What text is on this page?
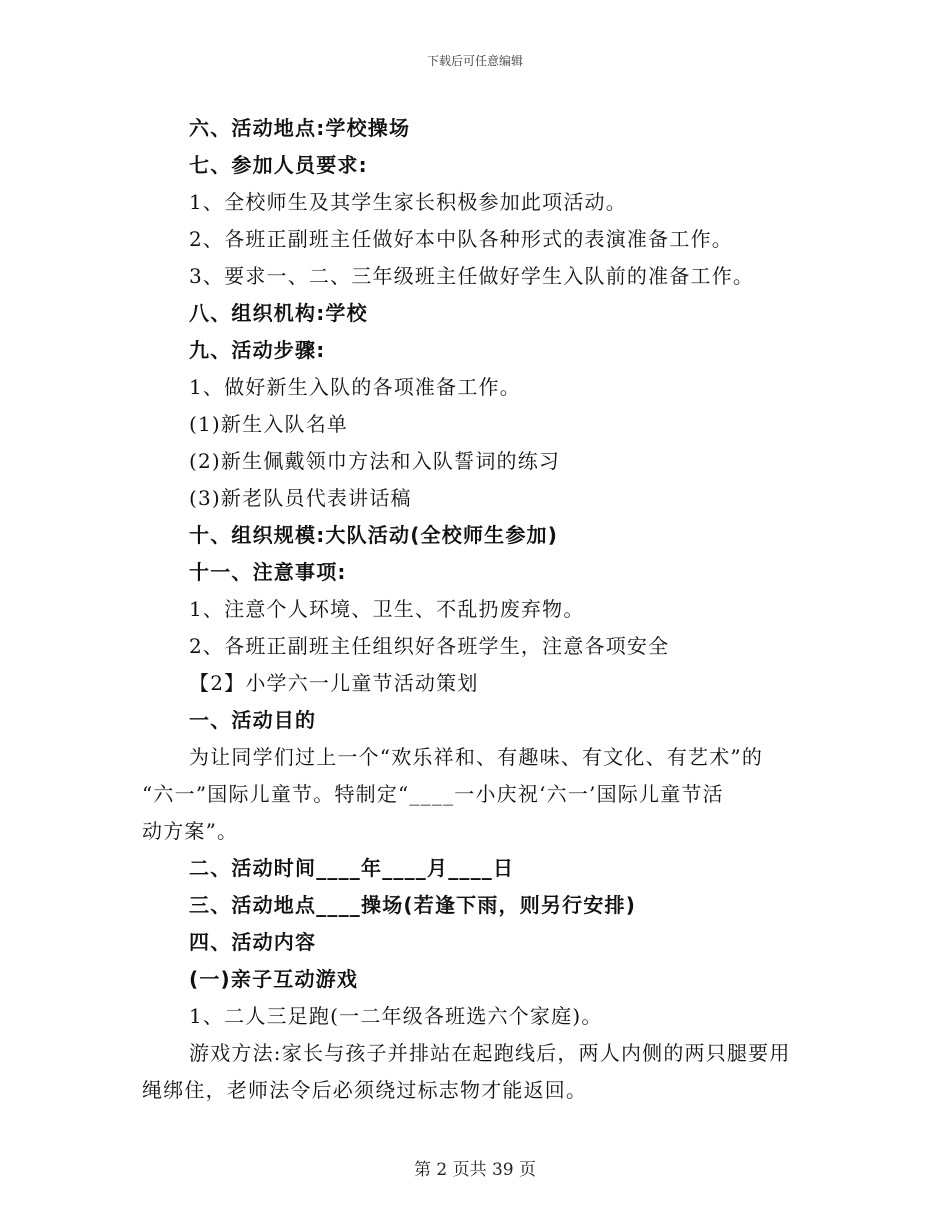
下载后可任意编辑
六、活动地点:学校操场
七、参加人员要求:
1、全校师生及其学生家长积极参加此项活动。
2、各班正副班主任做好本中队各种形式的表演准备工作。
3、要求一、二、三年级班主任做好学生入队前的准备工作。
八、组织机构:学校
九、活动步骤:
1、做好新生入队的各项准备工作。
(1)新生入队名单
(2)新生佩戴领巾方法和入队誓词的练习
(3)新老队员代表讲话稿
十、组织规模:大队活动(全校师生参加)
十一、注意事项:
1、注意个人环境、卫生、不乱扔废弃物。
2、各班正副班主任组织好各班学生，注意各项安全
【2】小学六一儿童节活动策划
一、活动目的
为让同学们过上一个“欢乐祥和、有趣味、有文化、有艺术”的
“六一”国际儿童节。特制定“____一小庆祝‘六一’国际儿童节活
动方案”。
二、活动时间____年____月____日
三、活动地点____操场(若逢下雨，则另行安排)
四、活动内容
(一)亲子互动游戏
1、二人三足跑(一二年级各班选六个家庭)。
游戏方法:家长与孩子并排站在起跑线后，两人内侧的两只腿要用
绳绑住，老师法令后必须绕过标志物才能返回。
第 2 页共 39 页
